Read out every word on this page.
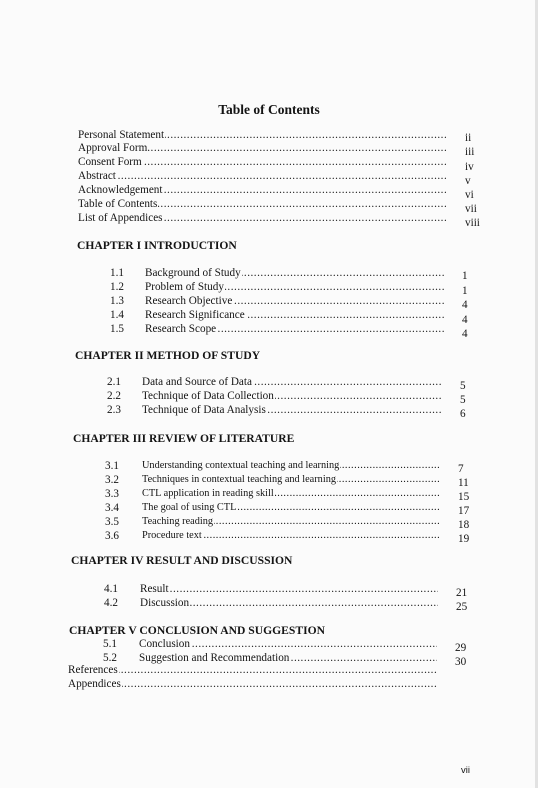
Table of Contents
Personal Statement .....	ii
Approval Form .....	iii
Consent Form .....	iv
Abstract .....	v
Acknowledgement .....	vi
Table of Contents .....	vii
List of Appendices .....	viii
CHAPTER I INTRODUCTION
1.1 Background of Study .....	1
1.2 Problem of Study .....	1
1.3 Research Objective .....	4
1.4 Research Significance .....	4
1.5 Research Scope .....	4
CHAPTER II METHOD OF STUDY
2.1 Data and Source of Data .....	5
2.2 Technique of Data Collection .....	5
2.3 Technique of Data Analysis .....	6
CHAPTER III REVIEW OF LITERATURE
3.1 Understanding contextual teaching and learning .....	7
3.2 Techniques in contextual teaching and learning .....	11
3.3 CTL application in reading skill .....	15
3.4 The goal of using CTL .....	17
3.5 Teaching reading .....	18
3.6 Procedure text .....	19
CHAPTER IV RESULT AND DISCUSSION
4.1 Result .....	21
4.2 Discussion .....	25
CHAPTER V CONCLUSION AND SUGGESTION
5.1 Conclusion .....	29
5.2 Suggestion and Recommendation .....	30
References .....
Appendices .....
vii
